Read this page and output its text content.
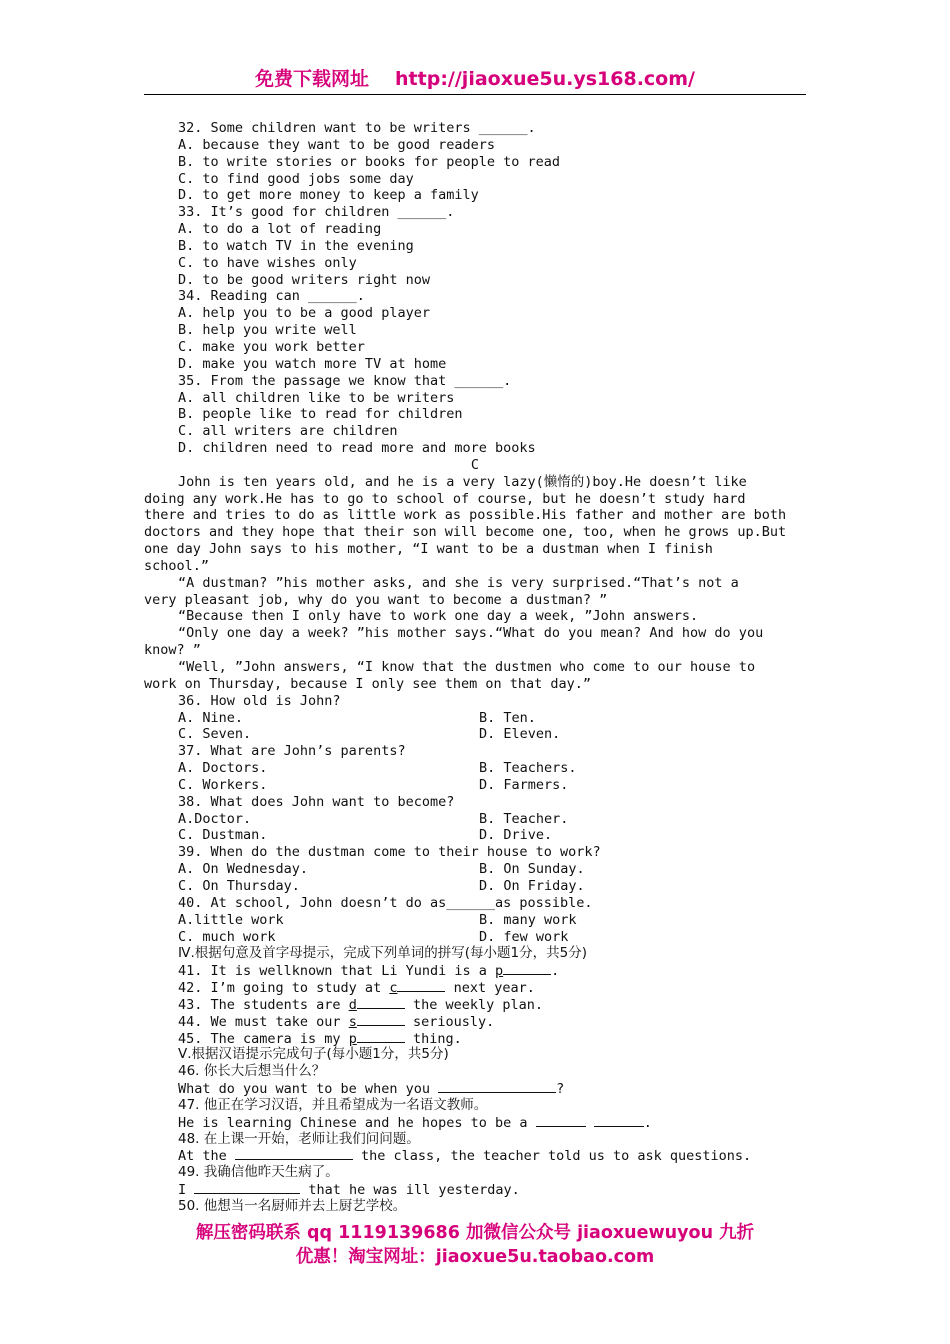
免费下载网址 http://jiaoxue5u.ys168.com/
32. Some children want to be writers ______.
A. because they want to be good readers
B. to write stories or books for people to read
C. to find good jobs some day
D. to get more money to keep a family
33. It’s good for children ______.
A. to do a lot of reading
B. to watch TV in the evening
C. to have wishes only
D. to be good writers right now
34. Reading can ______.
A. help you to be a good player
B. help you write well
C. make you work better
D. make you watch more TV at home
35. From the passage we know that ______.
A. all children like to be writers
B. people like to read for children
C. all writers are children
D. children need to read more and more books
C
John is ten years old, and he is a very lazy(懒惰的)boy.He doesn’t like
doing any work.He has to go to school of course, but he doesn’t study hard
there and tries to do as little work as possible.His father and mother are both
doctors and they hope that their son will become one, too, when he grows up.But
one day John says to his mother, “I want to be a dustman when I finish
school.”
“A dustman? ”his mother asks, and she is very surprised.“That’s not a
very pleasant job, why do you want to become a dustman? ”
“Because then I only have to work one day a week, ”John answers.
“Only one day a week? ”his mother says.“What do you mean? And how do you
know? ”
“Well, ”John answers, “I know that the dustmen who come to our house to
work on Thursday, because I only see them on that day.”
36. How old is John?
A. Nine.	B. Ten.
C. Seven.	D. Eleven.
37. What are John’s parents?
A. Doctors.	B. Teachers.
C. Workers.	D. Farmers.
38. What does John want to become?
A.Doctor.	B. Teacher.
C. Dustman.	D. Drive.
39. When do the dustman come to their house to work?
A. On Wednesday.	B. On Sunday.
C. On Thursday.	D. On Friday.
40. At school, John doesn’t do as______as possible.
A.little work	B. many work
C. much work	D. few work
Ⅳ.根据句意及首字母提示，完成下列单词的拼写(每小题1分，共5分)
41. It is wellknown that Li Yundi is a p	.
42. I’m going to study at c	next year.
43. The students are d	the weekly plan.
44. We must take our s	seriously.
45. The camera is my p	thing.
Ⅴ.根据汉语提示完成句子(每小题1分，共5分)
46. 你长大后想当什么？
What do you want to be when you	?
47. 他正在学习汉语，并且希望成为一名语文教师。
He is learning Chinese and he hopes to be a	.
48. 在上课一开始，老师让我们问问题。
At the	the class, the teacher told us to ask questions.
49. 我确信他昨天生病了。
I	that he was ill yesterday.
50. 他想当一名厨师并去上厨艺学校。
解压密码联系 qq 1119139686 加微信公众号 jiaoxuewuyou 九折
优惠！淘宝网址：jiaoxue5u.taobao.com
